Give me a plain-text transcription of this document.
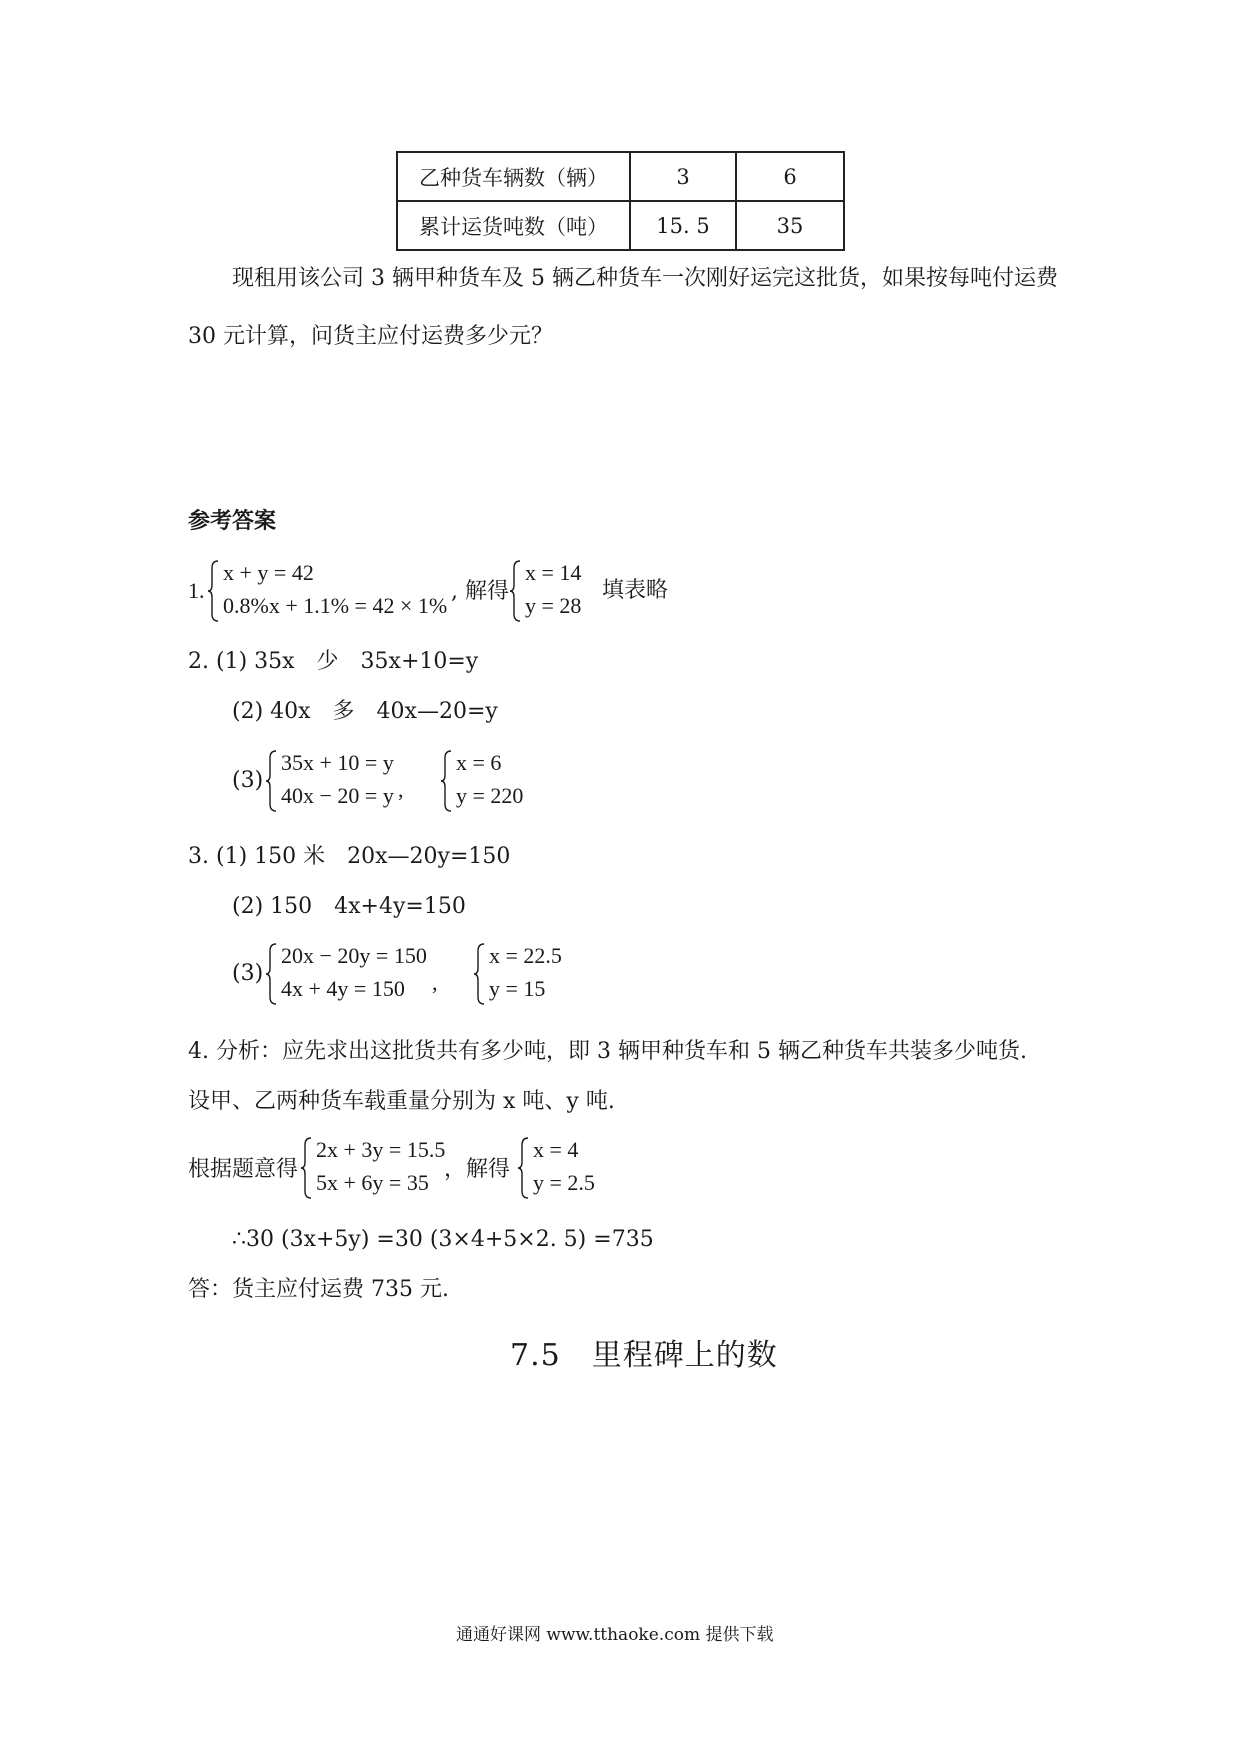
乙种货车辆数（辆）	3	6
累计运货吨数（吨）	15. 5	35
现租用该公司 3 辆甲种货车及 5 辆乙种货车一次刚好运完这批货，如果按每吨付运费
30 元计算，问货主应付运费多少元？
参考答案
1.
x + y = 42
0.8%x + 1.1% = 42 × 1%
, 解得
x = 14
y = 28
填表略
2. (1) 35x　少　35x+10=y
(2) 40x　多　40x—20=y
(3)
35x + 10 = y
40x − 20 = y ,
x = 6
y = 220
3. (1) 150 米　20x—20y=150
(2) 150　4x+4y=150
(3)
20x − 20y = 150
4x + 4y = 150 ,
x = 22.5
y = 15
4. 分析：应先求出这批货共有多少吨，即 3 辆甲种货车和 5 辆乙种货车共装多少吨货.
设甲、乙两种货车载重量分别为 x 吨、y 吨.
根据题意得
2x + 3y = 15.5
5x + 6y = 35
，解得
x = 4
y = 2.5
∴30 (3x+5y) =30 (3×4+5×2. 5) =735
答：货主应付运费 735 元.
7.5　里程碑上的数
通通好课网 www.tthaoke.com 提供下载
